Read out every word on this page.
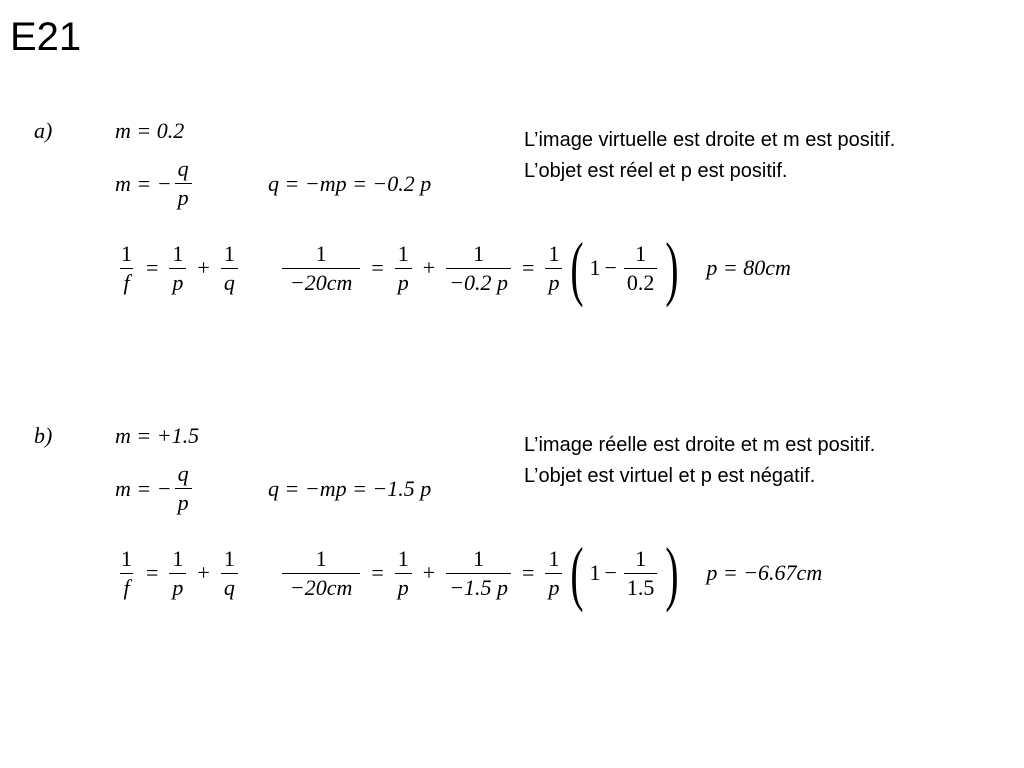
E21
a)	m = 0.2	L’image virtuelle est droite et m est positif.
L’objet est réel et p est positif.
m = − $\frac{q}{p}$	q = −mp = −0.2 p
$\frac{1}{f} = \frac{1}{p} + \frac{1}{q} \frac{1}{-20cm} = \frac{1}{p} + \frac{1}{-0.2 p} = \frac{1}{p}$ ( $1 - \frac{1}{0.2}$ ) p = 80cm
b)	m = +1.5	L’image réelle est droite et m est positif.
L’objet est virtuel et p est négatif.
m = − $\frac{q}{p}$	q = −mp = −1.5 p
$\frac{1}{f} = \frac{1}{p} + \frac{1}{q} \frac{1}{-20cm} = \frac{1}{p} + \frac{1}{-1.5 p} = \frac{1}{p}$ ( $1 - \frac{1}{1.5}$ ) p = −6.67cm
